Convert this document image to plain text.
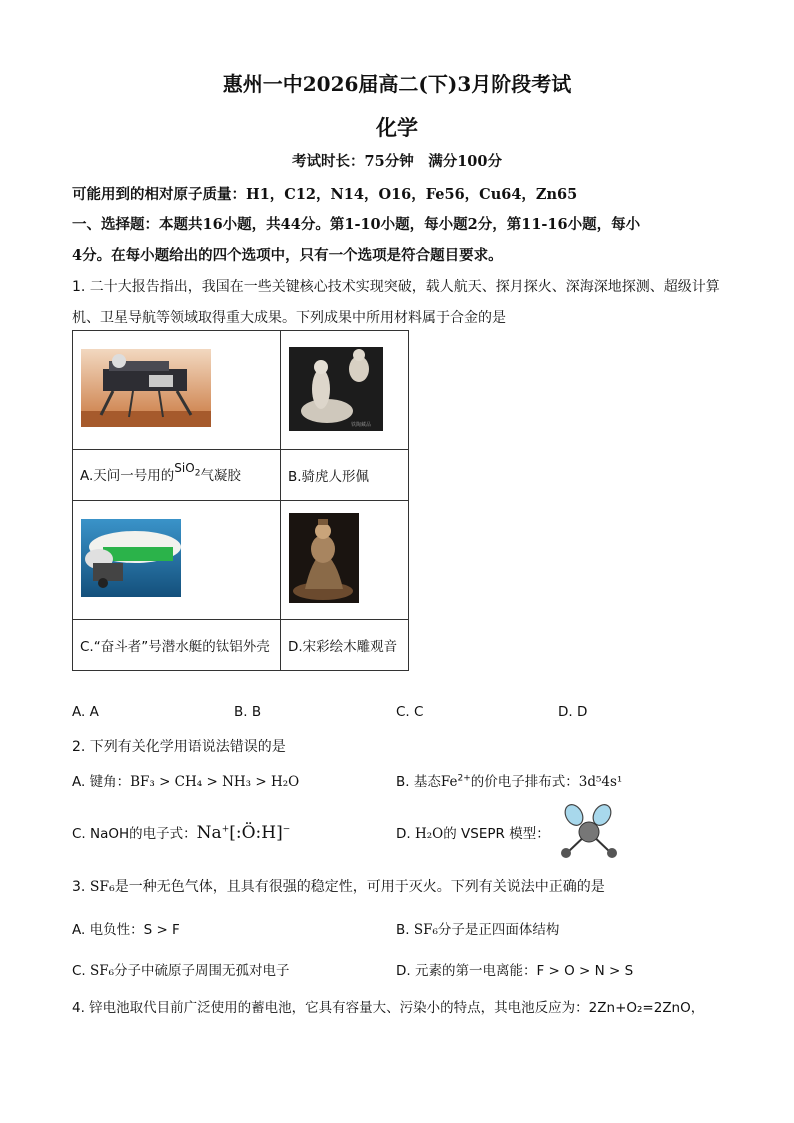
惠州一中2026届高二(下)3月阶段考试
化学
考试时长：75分钟　满分100分
可能用到的相对原子质量：H1，C12，N14，O16，Fe56，Cu64，Zn65
一、选择题：本题共16小题，共44分。第1-10小题，每小题2分，第11-16小题，每小
4分。在每小题给出的四个选项中，只有一个选项是符合题目要求。
1. 二十大报告指出，我国在一些关键核心技术实现突破，载人航天、探月探火、深海深地探测、超级计算
机、卫星导航等领域取得重大成果。下列成果中所用材料属于合金的是

铁陶藏品

A.天问一号用的SiO$_2$气凝胶	B.骑虎人形佩

C.“奋斗者”号潜水艇的钛铝外壳	D.宋彩绘木雕观音
A. A	B. B	C. C	D. D
2. 下列有关化学用语说法错误的是
A. 键角：BF₃ > CH₄ > NH₃ > H₂O	B. 基态$Fe^{2+}$的价电子排布式：3d⁵4s¹
C. NaOH的电子式：Na+[:Ö:H]−	D. H₂O的 VSEPR 模型：
3. SF₆是一种无色气体，且具有很强的稳定性，可用于灭火。下列有关说法中正确的是
A. 电负性：S > F	B. SF₆分子是正四面体结构
C. SF₆分子中硫原子周围无孤对电子	D. 元素的第一电离能：F > O > N > S
4. 锌电池取代目前广泛使用的蓄电池，它具有容量大、污染小的特点，其电池反应为：2Zn+O₂=2ZnO，
